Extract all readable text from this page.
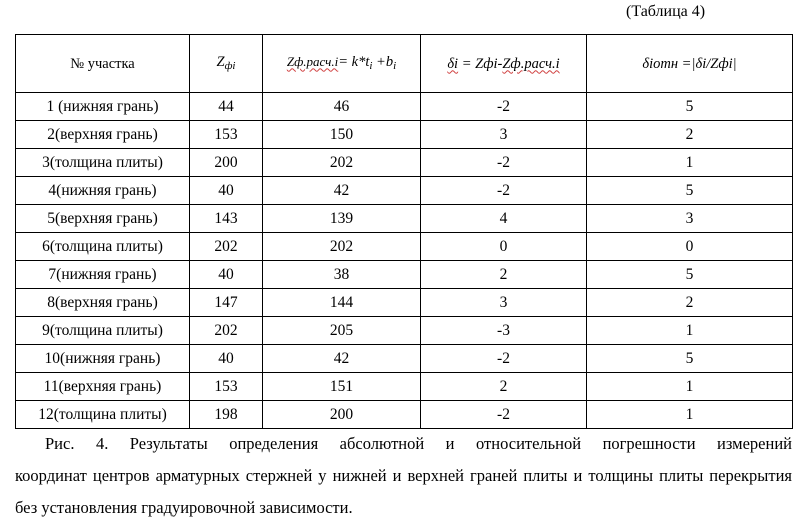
(Таблица 4)
№ участка	$Z_{фi}$	Zф.расч.i= $k*t_i +b_i$	δi = Zфi-Zф.расч.i	δiотн =|δi/Zфi|
1 (нижняя грань)	44	46	-2	5
2(верхняя грань)	153	150	3	2
3(толщина плиты)	200	202	-2	1
4(нижняя грань)	40	42	-2	5
5(верхняя грань)	143	139	4	3
6(толщина плиты)	202	202	0	0
7(нижняя грань)	40	38	2	5
8(верхняя грань)	147	144	3	2
9(толщина плиты)	202	205	-3	1
10(нижняя грань)	40	42	-2	5
11(верхняя грань)	153	151	2	1
12(толщина плиты)	198	200	-2	1
Рис. 4. Результаты определения абсолютной и относительной погрешности измерений
координат центров арматурных стержней у нижней и верхней граней плиты и толщины плиты перекрытия без установления градуировочной зависимости.
